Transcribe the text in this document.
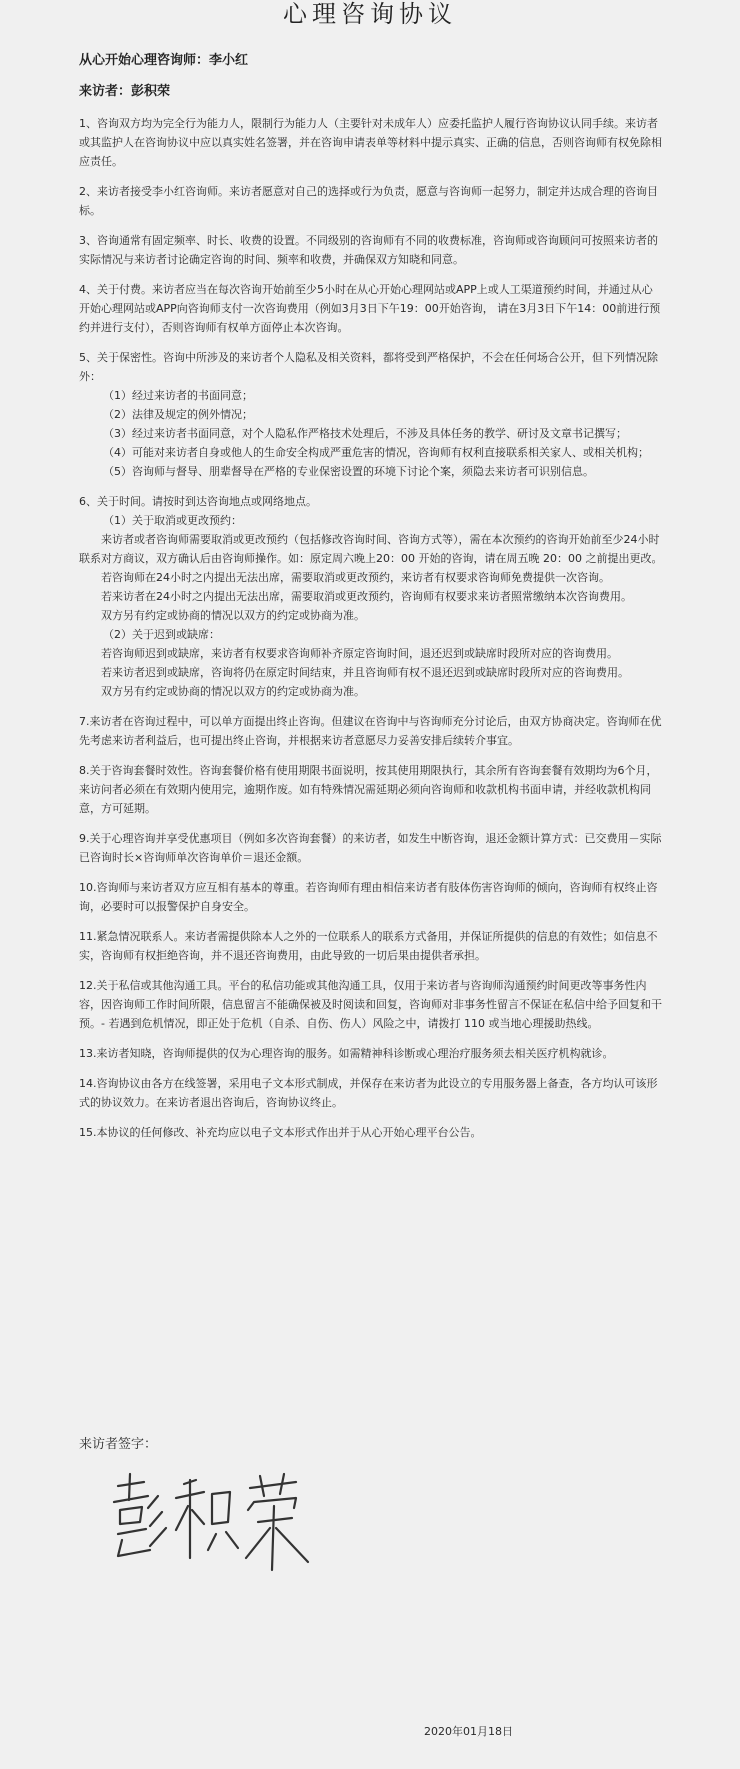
心理咨询协议
从心开始心理咨询师：李小红
来访者：彭积荣

1、咨询双方均为完全行为能力人，限制行为能力人（主要针对未成年人）应委托监护人履行咨询协议认同手续。来访者或其监护人在咨询协议中应以真实姓名签署，并在咨询申请表单等材料中提示真实、正确的信息，否则咨询师有权免除相应责任。

2、来访者接受李小红咨询师。来访者愿意对自己的选择或行为负责，愿意与咨询师一起努力，制定并达成合理的咨询目标。

3、咨询通常有固定频率、时长、收费的设置。不同级别的咨询师有不同的收费标准，咨询师或咨询顾问可按照来访者的实际情况与来访者讨论确定咨询的时间、频率和收费，并确保双方知晓和同意。

4、关于付费。来访者应当在每次咨询开始前至少5小时在从心开始心理网站或APP上或人工渠道预约时间，并通过从心开始心理网站或APP向咨询师支付一次咨询费用（例如3月3日下午19：00开始咨询， 请在3月3日下午14：00前进行预约并进行支付），否则咨询师有权单方面停止本次咨询。

5、关于保密性。咨询中所涉及的来访者个人隐私及相关资料，都将受到严格保护，不会在任何场合公开，但下列情况除外：
（1）经过来访者的书面同意；
（2）法律及规定的例外情况；
（3）经过来访者书面同意，对个人隐私作严格技术处理后，不涉及具体任务的教学、研讨及文章书记撰写；
（4）可能对来访者自身或他人的生命安全构成严重危害的情况，咨询师有权利直接联系相关家人、或相关机构；
（5）咨询师与督导、朋辈督导在严格的专业保密设置的环境下讨论个案，须隐去来访者可识别信息。
6、关于时间。请按时到达咨询地点或网络地点。
（1）关于取消或更改预约：
来访者或者咨询师需要取消或更改预约（包括修改咨询时间、咨询方式等），需在本次预约的咨询开始前至少24小时联系对方商议，双方确认后由咨询师操作。如：原定周六晚上20：00 开始的咨询，请在周五晚 20：00 之前提出更改。
若咨询师在24小时之内提出无法出席，需要取消或更改预约，来访者有权要求咨询师免费提供一次咨询。
若来访者在24小时之内提出无法出席，需要取消或更改预约，咨询师有权要求来访者照常缴纳本次咨询费用。
双方另有约定或协商的情况以双方的约定或协商为准。
（2）关于迟到或缺席：
若咨询师迟到或缺席，来访者有权要求咨询师补齐原定咨询时间，退还迟到或缺席时段所对应的咨询费用。
若来访者迟到或缺席，咨询将仍在原定时间结束，并且咨询师有权不退还迟到或缺席时段所对应的咨询费用。
双方另有约定或协商的情况以双方的约定或协商为准。

7.来访者在咨询过程中，可以单方面提出终止咨询。但建议在咨询中与咨询师充分讨论后，由双方协商决定。咨询师在优先考虑来访者利益后，也可提出终止咨询，并根据来访者意愿尽力妥善安排后续转介事宜。

8.关于咨询套餐时效性。咨询套餐价格有使用期限书面说明，按其使用期限执行，其余所有咨询套餐有效期均为6个月，来访问者必须在有效期内使用完，逾期作废。如有特殊情况需延期必须向咨询师和收款机构书面申请，并经收款机构同意，方可延期。

9.关于心理咨询并享受优惠项目（例如多次咨询套餐）的来访者，如发生中断咨询，退还金额计算方式：已交费用－实际已咨询时长×咨询师单次咨询单价＝退还金额。

10.咨询师与来访者双方应互相有基本的尊重。若咨询师有理由相信来访者有肢体伤害咨询师的倾向，咨询师有权终止咨询，必要时可以报警保护自身安全。

11.紧急情况联系人。来访者需提供除本人之外的一位联系人的联系方式备用，并保证所提供的信息的有效性；如信息不实，咨询师有权拒绝咨询，并不退还咨询费用，由此导致的一切后果由提供者承担。

12.关于私信或其他沟通工具。平台的私信功能或其他沟通工具，仅用于来访者与咨询师沟通预约时间更改等事务性内容，因咨询师工作时间所限，信息留言不能确保被及时阅读和回复，咨询师对非事务性留言不保证在私信中给予回复和干预。- 若遇到危机情况，即正处于危机（自杀、自伤、伤人）风险之中，请拨打 110 或当地心理援助热线。

13.来访者知晓，咨询师提供的仅为心理咨询的服务。如需精神科诊断或心理治疗服务须去相关医疗机构就诊。

14.咨询协议由各方在线签署，采用电子文本形式制成，并保存在来访者为此设立的专用服务器上备查，各方均认可该形式的协议效力。在来访者退出咨询后，咨询协议终止。

15.本协议的任何修改、补充均应以电子文本形式作出并于从心开始心理平台公告。

来访者签字：
2020年01月18日
